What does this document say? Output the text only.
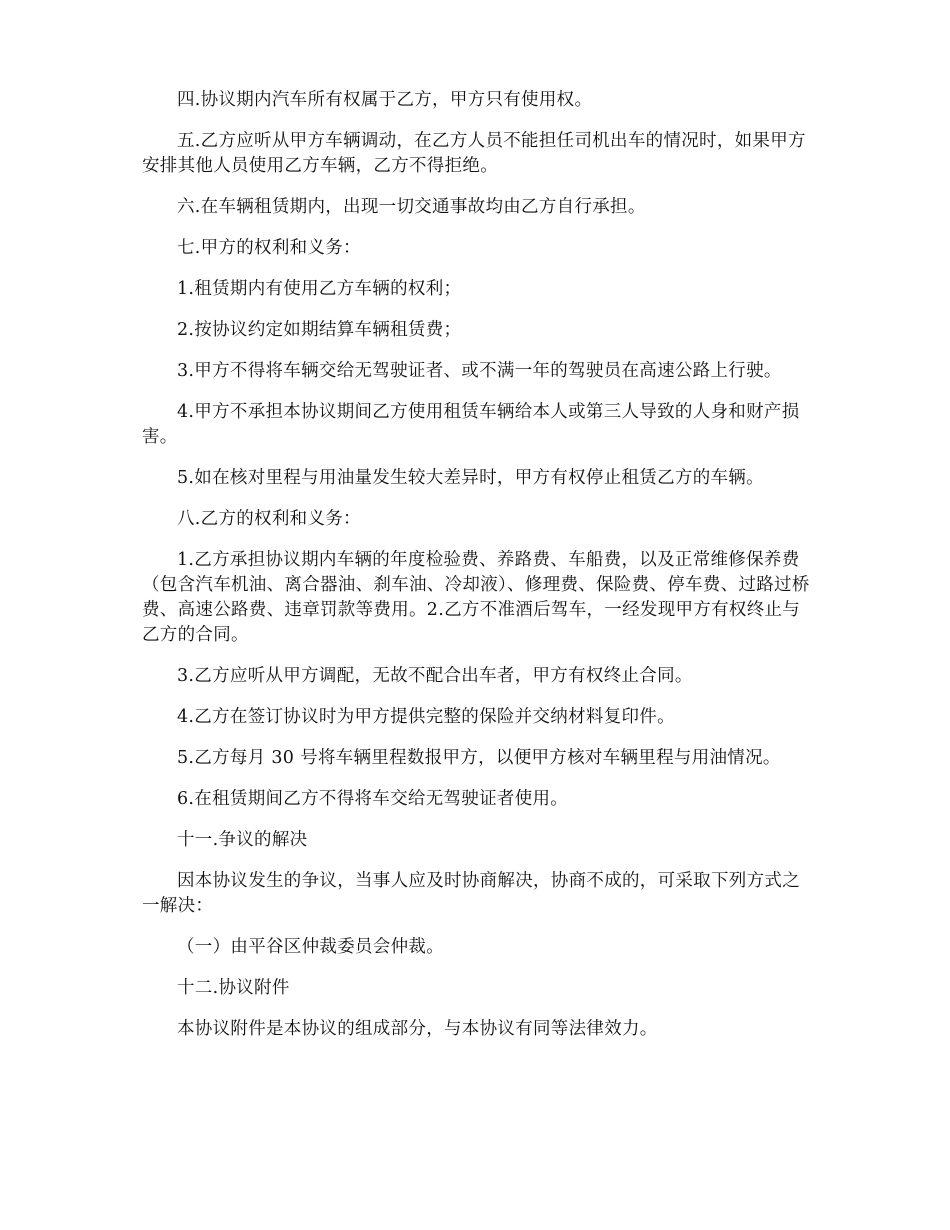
四.协议期内汽车所有权属于乙方，甲方只有使用权。

五.乙方应听从甲方车辆调动，在乙方人员不能担任司机出车的情况时，如果甲方安排其他人员使用乙方车辆，乙方不得拒绝。

六.在车辆租赁期内，出现一切交通事故均由乙方自行承担。

七.甲方的权利和义务：

1.租赁期内有使用乙方车辆的权利；

2.按协议约定如期结算车辆租赁费；

3.甲方不得将车辆交给无驾驶证者、或不满一年的驾驶员在高速公路上行驶。

4.甲方不承担本协议期间乙方使用租赁车辆给本人或第三人导致的人身和财产损害。

5.如在核对里程与用油量发生较大差异时，甲方有权停止租赁乙方的车辆。

八.乙方的权利和义务：

1.乙方承担协议期内车辆的年度检验费、养路费、车船费，以及正常维修保养费（包含汽车机油、离合器油、刹车油、冷却液）、修理费、保险费、停车费、过路过桥费、高速公路费、违章罚款等费用。2.乙方不准酒后驾车，一经发现甲方有权终止与乙方的合同。

3.乙方应听从甲方调配，无故不配合出车者，甲方有权终止合同。

4.乙方在签订协议时为甲方提供完整的保险并交纳材料复印件。

5.乙方每月 30 号将车辆里程数报甲方，以便甲方核对车辆里程与用油情况。

6.在租赁期间乙方不得将车交给无驾驶证者使用。

十一.争议的解决

因本协议发生的争议，当事人应及时协商解决，协商不成的，可采取下列方式之一解决：

（一）由平谷区仲裁委员会仲裁。

十二.协议附件

本协议附件是本协议的组成部分，与本协议有同等法律效力。
